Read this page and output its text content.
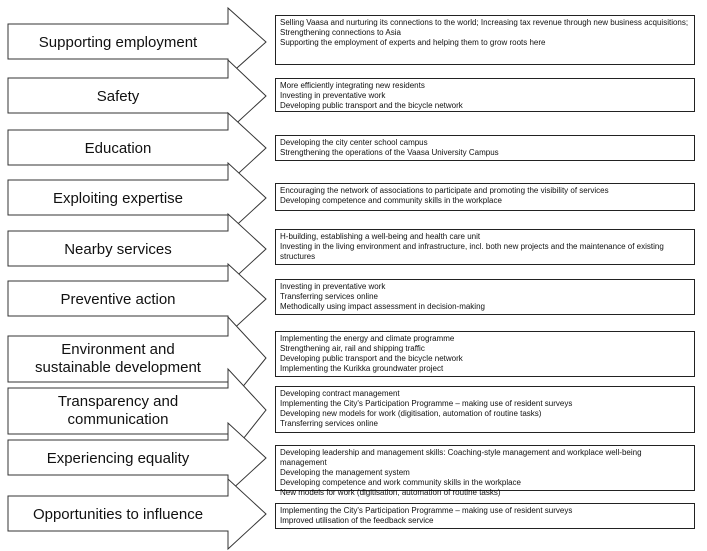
Supporting employment
Safety
Education
Exploiting expertise
Nearby services
Preventive action
Environment and
sustainable development
Transparency and
communication
Experiencing equality
Opportunities to influence
Selling Vaasa and nurturing its connections to the world; Increasing tax revenue through new business acquisitions;
Strengthening connections to Asia
Supporting the employment of experts and helping them to grow roots here
More efficiently integrating new residents
Investing in preventative work
Developing public transport and the bicycle network
Developing the city center school campus
Strengthening the operations of the Vaasa University Campus
Encouraging the network of associations to participate and promoting the visibility of services
Developing competence and community skills in the workplace
H-building, establishing a well-being and health care unit
Investing in the living environment and infrastructure, incl. both new projects and the maintenance of existing structures
Investing in preventative work
Transferring services online
Methodically using impact assessment in decision-making
Implementing the energy and climate programme
Strengthening air, rail and shipping traffic
Developing public transport and the bicycle network
Implementing the Kurikka groundwater project
Developing contract management
Implementing the City's Participation Programme – making use of resident surveys
Developing new models for work (digitisation, automation of routine tasks)
Transferring services online
Developing leadership and management skills: Coaching-style management and workplace well-being management
Developing the management system
Developing competence and work community skills in the workplace
New models for work (digitisation, automation of routine tasks)
Implementing the City's Participation Programme – making use of resident surveys
Improved utilisation of the feedback service
